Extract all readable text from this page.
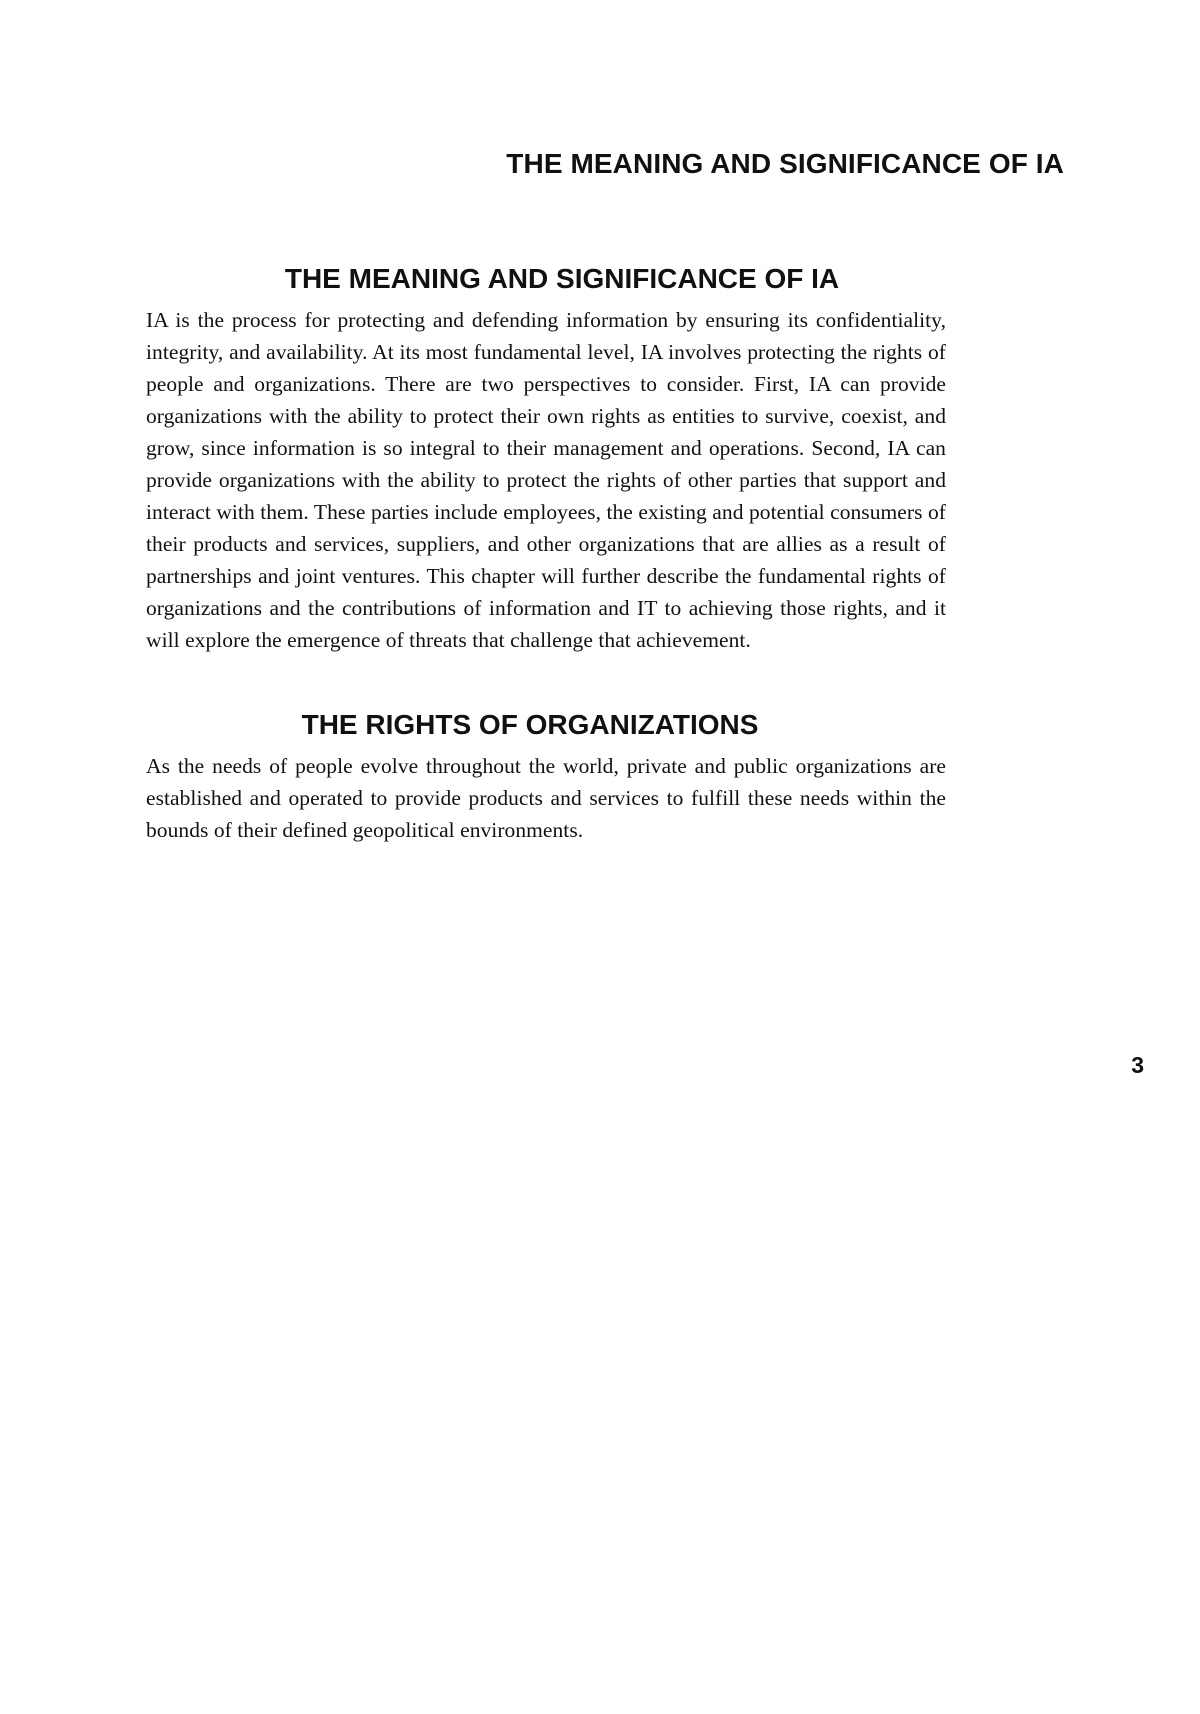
THE MEANING AND SIGNIFICANCE OF IA
THE MEANING AND SIGNIFICANCE OF IA

IA is the process for protecting and defending information by ensuring its confidentiality, integrity, and availability. At its most fundamental level, IA involves protecting the rights of people and organizations. There are two perspectives to consider. First, IA can provide organizations with the ability to protect their own rights as entities to survive, coexist, and grow, since information is so integral to their management and operations. Second, IA can provide organizations with the ability to protect the rights of other parties that support and interact with them. These parties include employees, the existing and potential consumers of their products and services, suppliers, and other organizations that are allies as a result of partnerships and joint ventures. This chapter will further describe the fundamental rights of organizations and the contributions of information and IT to achieving those rights, and it will explore the emergence of threats that challenge that achievement.

THE RIGHTS OF ORGANIZATIONS

As the needs of people evolve throughout the world, private and public organizations are established and operated to provide products and services to fulfill these needs within the bounds of their defined geopolitical environments.

3
